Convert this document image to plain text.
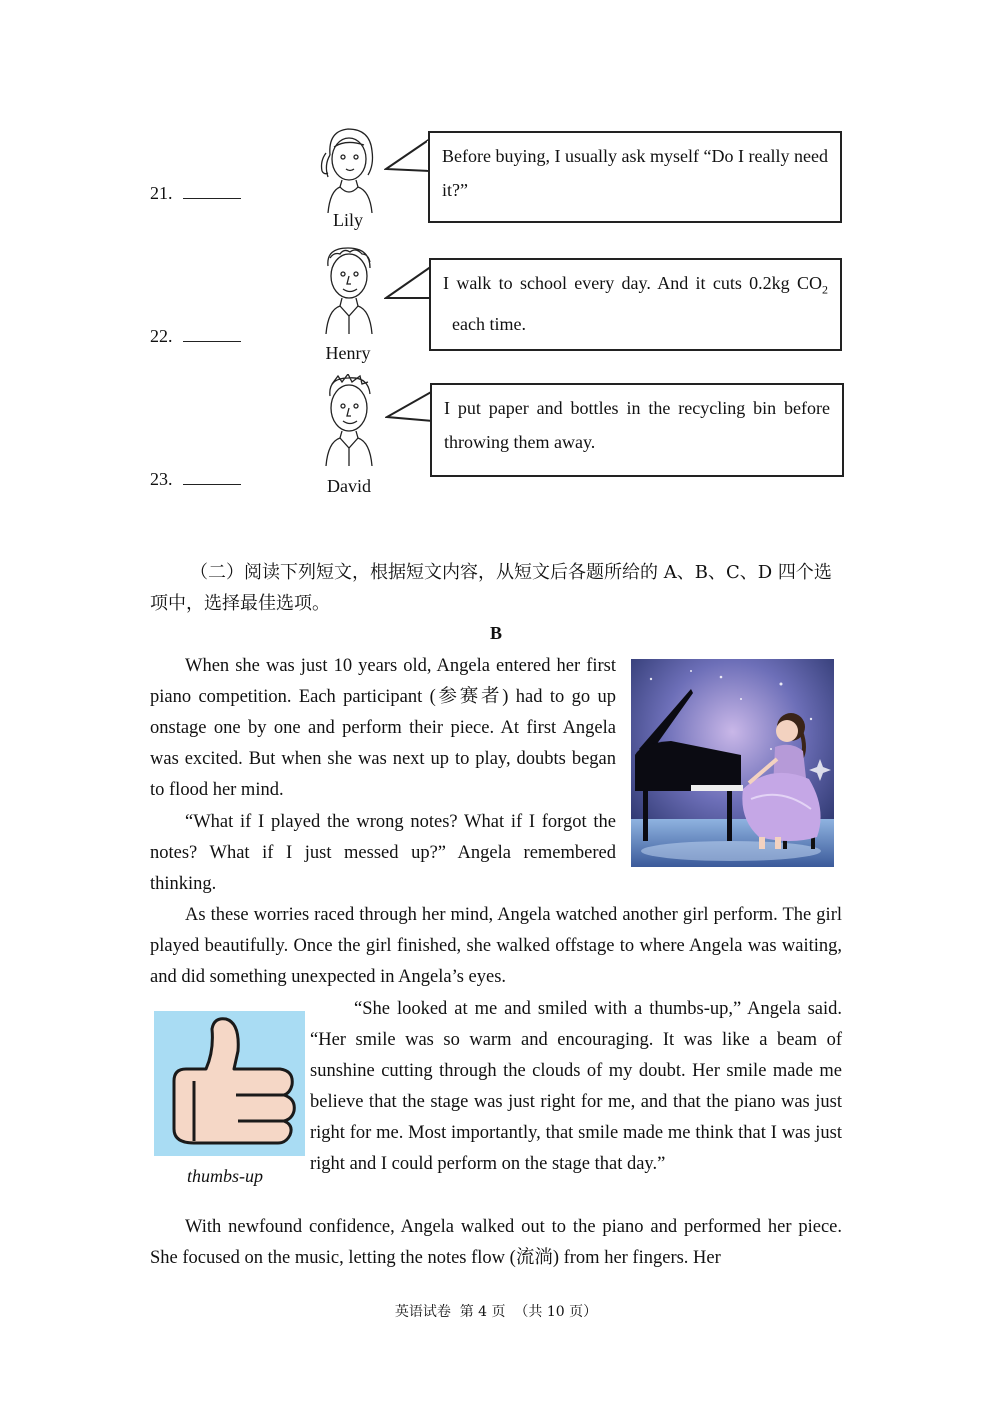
21.
Lily
Before buying, I usually ask myself “Do I really need it?”
22.
Henry
I walk to school every day. And it cuts 0.2kg $CO_2$  each time.
23.	David
I put paper and bottles in the recycling bin before throwing them away.
（二）阅读下列短文，根据短文内容，从短文后各题所给的 A、B、C、D 四个选项中，选择最佳选项。
B
When she was just 10 years old, Angela entered her first piano competition. Each participant (参赛者) had to go up onstage one by one and perform their piece. At first Angela was excited. But when she was next up to play, doubts began to flood her mind.
“What if I played the wrong notes? What if I forgot the notes? What if I just messed up?” Angela remembered thinking.
As these worries raced through her mind, Angela watched another girl perform. The girl played beautifully. Once the girl finished, she walked offstage to where Angela was waiting, and did something unexpected in Angela’s eyes.
thumbs-up
“She looked at me and smiled with a thumbs-up,” Angela said. “Her smile was so warm and encouraging. It was like a beam of sunshine cutting through the clouds of my doubt. Her smile made me believe that the stage was just right for me, and that the piano was just right for me. Most importantly, that smile made me think that I was just right and I could perform on the stage that day.”
With newfound confidence, Angela walked out to the piano and performed her piece. She focused on the music, letting the notes flow (流淌) from her fingers. Her
英语试卷  第 4 页  （共 10 页）
